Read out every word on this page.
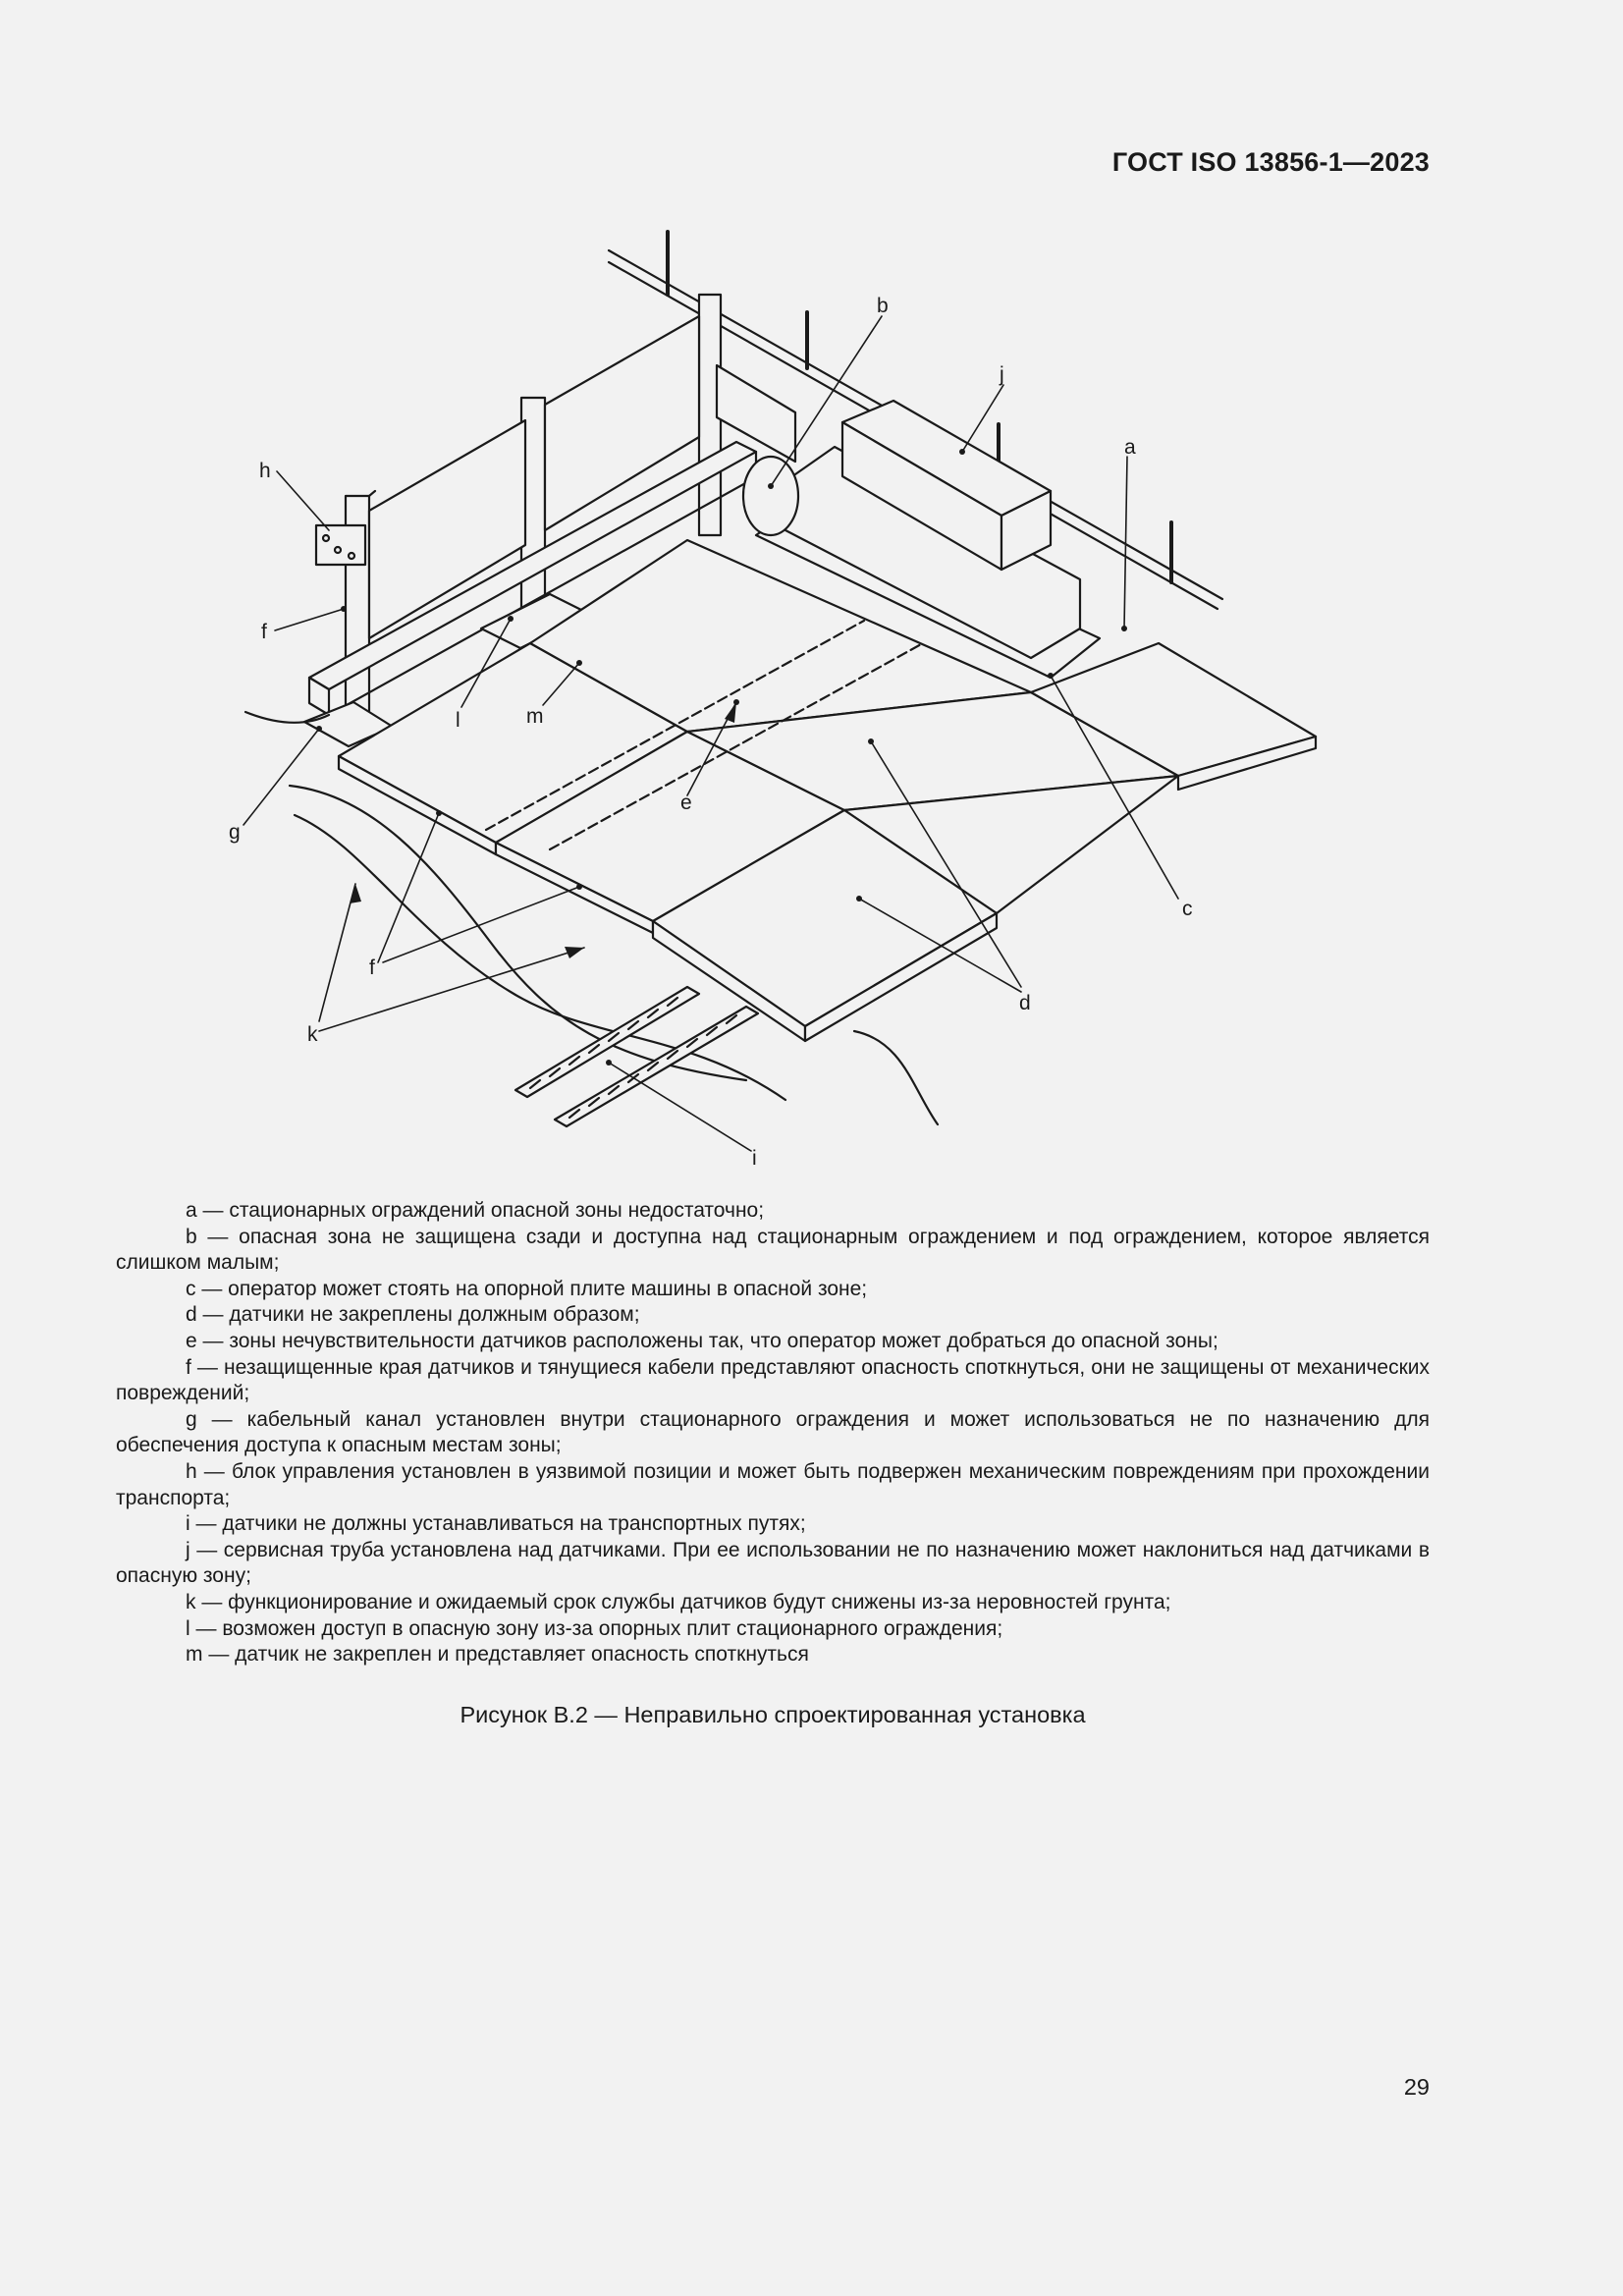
ГОСТ ISO 13856-1—2023
a
b
j
c
d
e
f
f
g
h
i
k
l	m

a — стационарных ограждений опасной зоны недостаточно;

b — опасная зона не защищена сзади и доступна над стационарным ограждением и под ограждением, которое является слишком малым;

c — оператор может стоять на опорной плите машины в опасной зоне;

d — датчики не закреплены должным образом;

e — зоны нечувствительности датчиков расположены так, что оператор может добраться до опасной зоны;

f — незащищенные края датчиков и тянущиеся кабели представляют опасность споткнуться, они не защищены от механических повреждений;

g — кабельный канал установлен внутри стационарного ограждения и может использоваться не по назначению для обеспечения доступа к опасным местам зоны;

h — блок управления установлен в уязвимой позиции и может быть подвержен механическим повреждениям при прохождении транспорта;

i — датчики не должны устанавливаться на транспортных путях;

j — сервисная труба установлена над датчиками. При ее использовании не по назначению может наклониться над датчиками в опасную зону;

k — функционирование и ожидаемый срок службы датчиков будут снижены из-за неровностей грунта;

l — возможен доступ в опасную зону из-за опорных плит стационарного ограждения;

m — датчик не закреплен и представляет опасность споткнуться

Рисунок В.2 — Неправильно спроектированная установка
29
